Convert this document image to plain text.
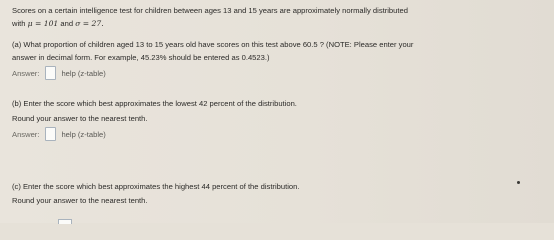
Scores on a certain intelligence test for children between ages 13 and 15 years are approximately normally distributed
with μ = 101 and σ = 27.
(a) What proportion of children aged 13 to 15 years old have scores on this test above 60.5 ? (NOTE: Please enter your
answer in decimal form. For example, 45.23% should be entered as 0.4523.)
Answer:	help (z-table)
(b) Enter the score which best approximates the lowest 42 percent of the distribution.
Round your answer to the nearest tenth.
Answer:	help (z-table)
(c) Enter the score which best approximates the highest 44 percent of the distribution.
Round your answer to the nearest tenth.
